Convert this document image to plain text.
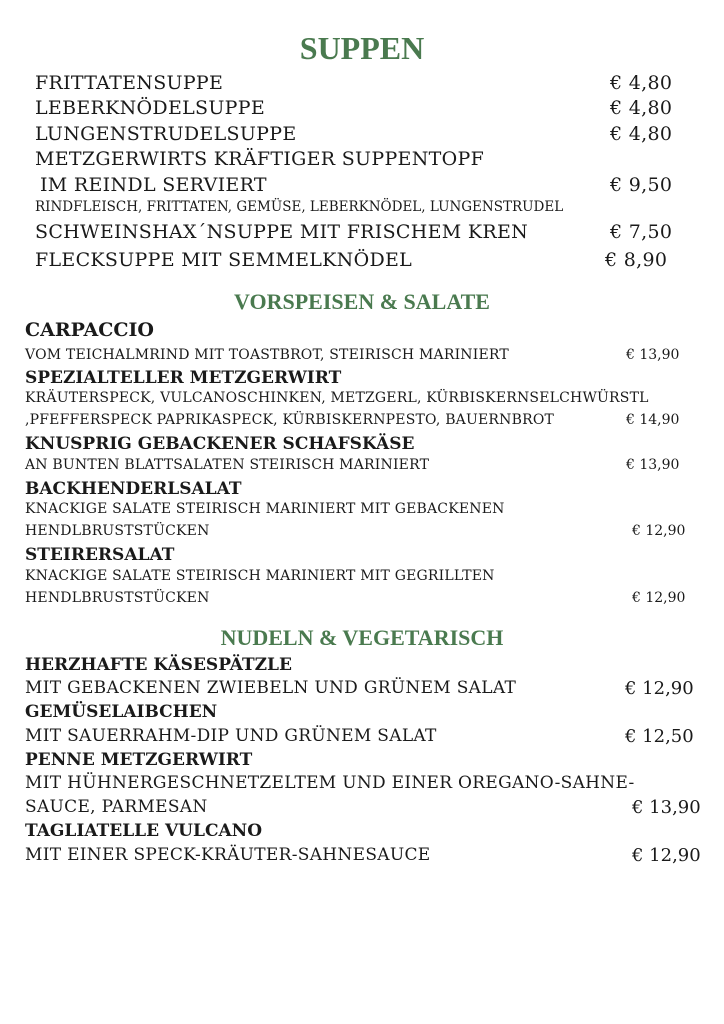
SUPPEN
FRITTATENSUPPE	€ 4,80
LEBERKNÖDELSUPPE	€ 4,80
LUNGENSTRUDELSUPPE	€ 4,80
METZGERWIRTS KRÄFTIGER SUPPENTOPF
IM REINDL SERVIERT	€ 9,50
RINDFLEISCH, FRITTATEN, GEMÜSE, LEBERKNÖDEL, LUNGENSTRUDEL
SCHWEINSHAX´NSUPPE MIT FRISCHEM KREN	€ 7,50
FLECKSUPPE MIT SEMMELKNÖDEL	€ 8,90
VORSPEISEN & SALATE
CARPACCIO
VOM TEICHALMRIND MIT TOASTBROT, STEIRISCH MARINIERT	€ 13,90
SPEZIALTELLER METZGERWIRT
KRÄUTERSPECK, VULCANOSCHINKEN, METZGERL, KÜRBISKERNSELCHWÜRSTL
,PFEFFERSPECK PAPRIKASPECK, KÜRBISKERNPESTO, BAUERNBROT	€ 14,90
KNUSPRIG GEBACKENER SCHAFSKÄSE
AN BUNTEN BLATTSALATEN STEIRISCH MARINIERT	€ 13,90
BACKHENDERLSALAT
KNACKIGE SALATE STEIRISCH MARINIERT MIT GEBACKENEN
HENDLBRUSTSTÜCKEN	€ 12,90
STEIRERSALAT
KNACKIGE SALATE STEIRISCH MARINIERT MIT GEGRILLTEN
HENDLBRUSTSTÜCKEN	€ 12,90
NUDELN & VEGETARISCH
HERZHAFTE KÄSESPÄTZLE
MIT GEBACKENEN ZWIEBELN UND GRÜNEM SALAT	€ 12,90
GEMÜSELAIBCHEN
MIT SAUERRAHM-DIP UND GRÜNEM SALAT	€ 12,50
PENNE METZGERWIRT
MIT HÜHNERGESCHNETZELTEM UND EINER OREGANO-SAHNE-
SAUCE, PARMESAN	€ 13,90
TAGLIATELLE VULCANO
MIT EINER SPECK-KRÄUTER-SAHNESAUCE	€ 12,90
